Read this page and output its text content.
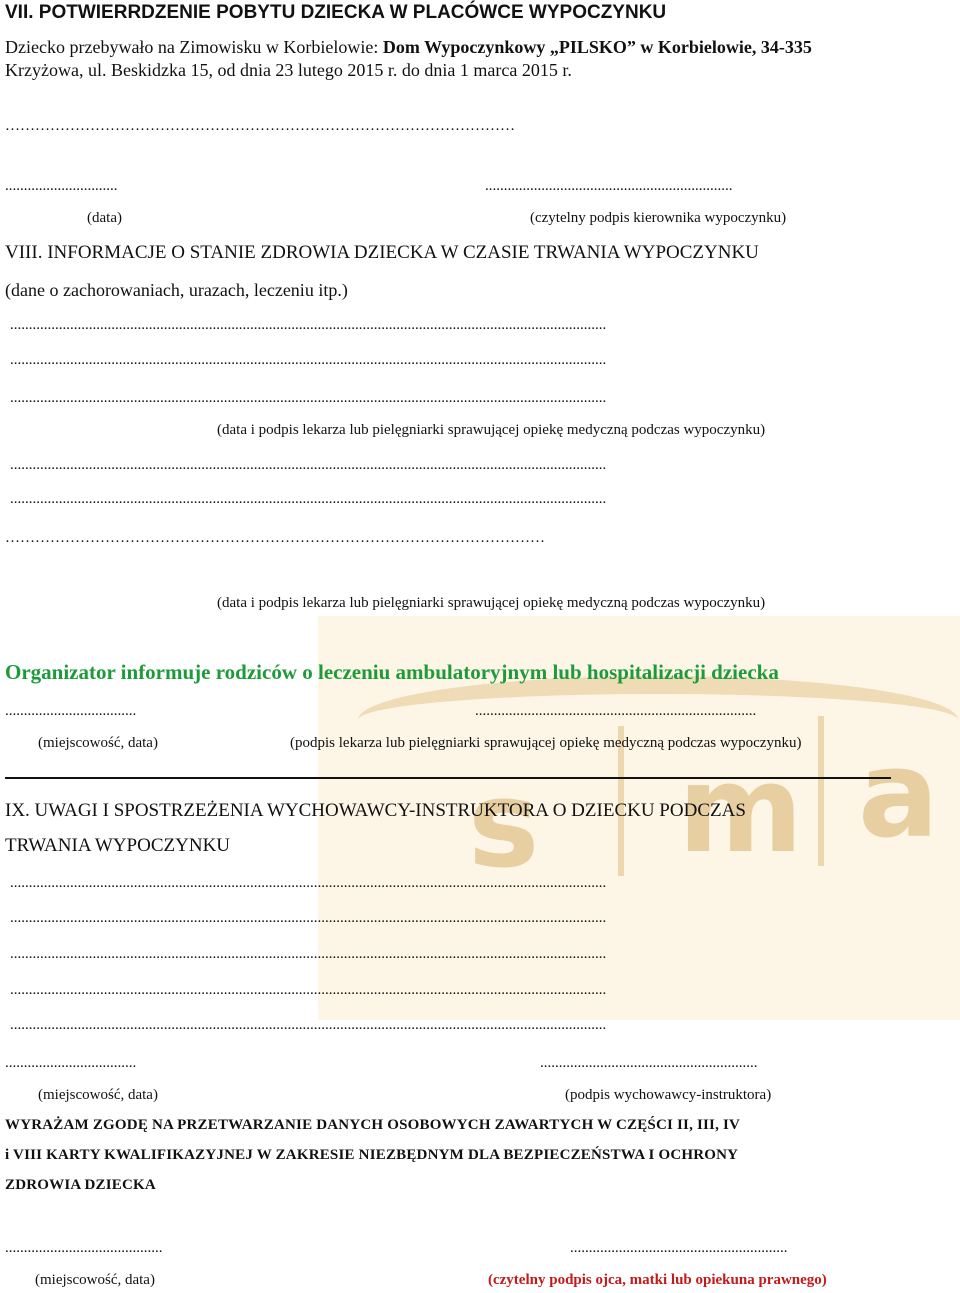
s m a
VII. POTWIERRDZENIE POBYTU DZIECKA W PLACÓWCE WYPOCZYNKU
Dziecko przebywało na Zimowisku w Korbielowie: Dom Wypoczynkowy „PILSKO” w Korbielowie, 34-335
Krzyżowa, ul. Beskidzka 15, od dnia 23 lutego 2015 r. do dnia 1 marca 2015 r.
…………………………………………………………………………………………
..............................	..................................................................
(data)	(czytelny podpis kierownika wypoczynku)
VIII. INFORMACJE O STANIE ZDROWIA DZIECKA W CZASIE TRWANIA WYPOCZYNKU
(dane o zachorowaniach, urazach, leczeniu itp.)
...............................................................................................................................................................
...............................................................................................................................................................
...............................................................................................................................................................
(data i podpis lekarza lub pielęgniarki sprawującej opiekę medyczną podczas wypoczynku)
...............................................................................................................................................................
...............................................................................................................................................................
………………………………………………………………………………………………
(data i podpis lekarza lub pielęgniarki sprawującej opiekę medyczną podczas wypoczynku)
Organizator informuje rodziców o leczeniu ambulatoryjnym lub hospitalizacji dziecka
...................................	...........................................................................
(miejscowość, data)	(podpis lekarza lub pielęgniarki sprawującej opiekę medyczną podczas wypoczynku)
IX. UWAGI I SPOSTRZEŻENIA WYCHOWAWCY-INSTRUKTORA O DZIECKU PODCZAS
TRWANIA WYPOCZYNKU
...............................................................................................................................................................
...............................................................................................................................................................
...............................................................................................................................................................
...............................................................................................................................................................
...............................................................................................................................................................
...................................	..........................................................
(miejscowość, data)	(podpis wychowawcy-instruktora)
WYRAŻAM ZGODĘ NA PRZETWARZANIE DANYCH OSOBOWYCH ZAWARTYCH W CZĘŚCI II, III, IV
i VIII KARTY KWALIFIKAZYJNEJ W ZAKRESIE NIEZBĘDNYM DLA BEZPIECZEŃSTWA I OCHRONY
ZDROWIA DZIECKA
..........................................	..........................................................
(miejscowość, data)	(czytelny podpis ojca, matki lub opiekuna prawnego)
